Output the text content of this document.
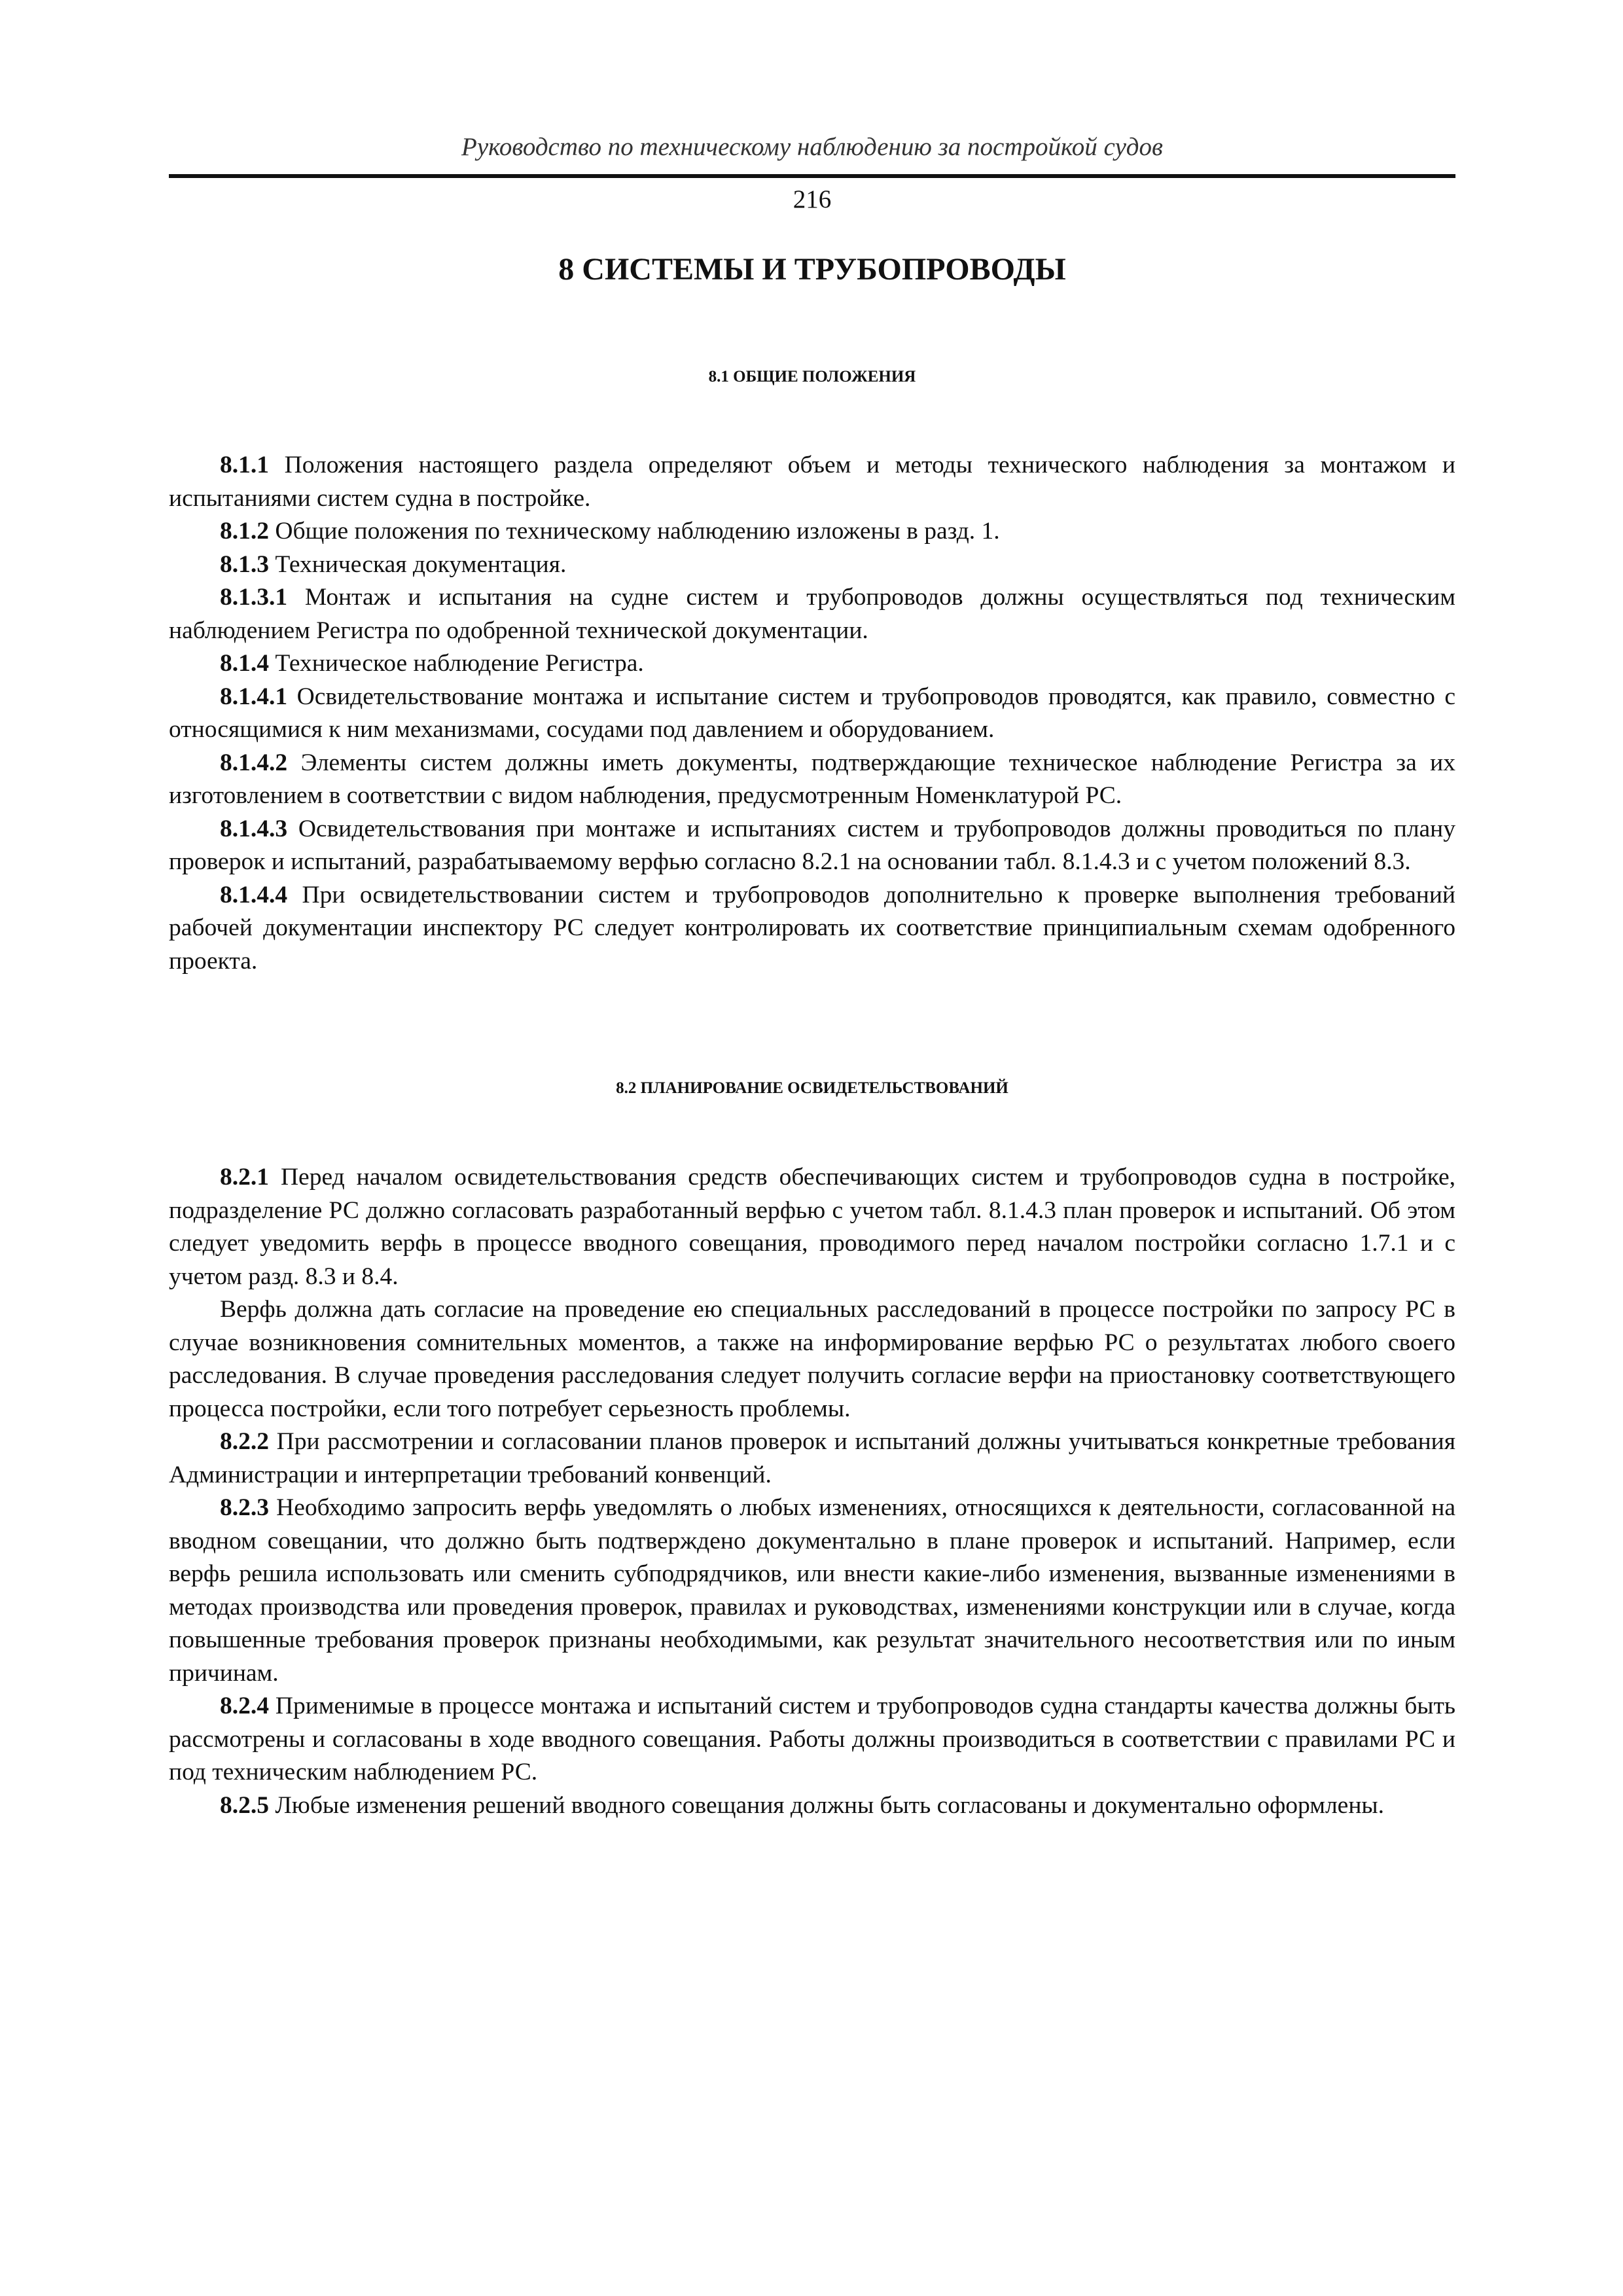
Руководство по техническому наблюдению за постройкой судов
216
8 СИСТЕМЫ И ТРУБОПРОВОДЫ
8.1 ОБЩИЕ ПОЛОЖЕНИЯ

8.1.1 Положения настоящего раздела определяют объем и методы технического наблюдения за монтажом и испытаниями систем судна в постройке.

8.1.2 Общие положения по техническому наблюдению изложены в разд. 1.

8.1.3 Техническая документация.

8.1.3.1 Монтаж и испытания на судне систем и трубопроводов должны осуществляться под техническим наблюдением Регистра по одобренной технической документации.

8.1.4 Техническое наблюдение Регистра.

8.1.4.1 Освидетельствование монтажа и испытание систем и трубопроводов проводятся, как правило, совместно с относящимися к ним механизмами, сосудами под давлением и оборудованием.

8.1.4.2 Элементы систем должны иметь документы, подтверждающие техническое наблюдение Регистра за их изготовлением в соответствии с видом наблюдения, предусмотренным Номенклатурой РС.

8.1.4.3 Освидетельствования при монтаже и испытаниях систем и трубопроводов должны проводиться по плану проверок и испытаний, разрабатываемому верфью согласно 8.2.1 на основании табл. 8.1.4.3 и с учетом положений 8.3.

8.1.4.4 При освидетельствовании систем и трубопроводов дополнительно к проверке выполнения требований рабочей документации инспектору РС следует контролировать их соответствие принципиальным схемам одобренного проекта.

8.2 ПЛАНИРОВАНИЕ ОСВИДЕТЕЛЬСТВОВАНИЙ

8.2.1 Перед началом освидетельствования средств обеспечивающих систем и трубопроводов судна в постройке, подразделение РС должно согласовать разработанный верфью с учетом табл. 8.1.4.3 план проверок и испытаний. Об этом следует уведомить верфь в процессе вводного совещания, проводимого перед началом постройки согласно 1.7.1 и с учетом разд. 8.3 и 8.4.

Верфь должна дать согласие на проведение ею специальных расследований в процессе постройки по запросу РС в случае возникновения сомнительных моментов, а также на информирование верфью РС о результатах любого своего расследования. В случае проведения расследования следует получить согласие верфи на приостановку соответствующего процесса постройки, если того потребует серьезность проблемы.

8.2.2 При рассмотрении и согласовании планов проверок и испытаний должны учитываться конкретные требования Администрации и интерпретации требований конвенций.

8.2.3 Необходимо запросить верфь уведомлять о любых изменениях, относящихся к деятельности, согласованной на вводном совещании, что должно быть подтверждено документально в плане проверок и испытаний. Например, если верфь решила использовать или сменить субподрядчиков, или внести какие-либо изменения, вызванные изменениями в методах производства или проведения проверок, правилах и руководствах, изменениями конструкции или в случае, когда повышенные требования проверок признаны необходимыми, как результат значительного несоответствия или по иным причинам.

8.2.4 Применимые в процессе монтажа и испытаний систем и трубопроводов судна стандарты качества должны быть рассмотрены и согласованы в ходе вводного совещания. Работы должны производиться в соответствии с правилами РС и под техническим наблюдением РС.

8.2.5 Любые изменения решений вводного совещания должны быть согласованы и документально оформлены.
